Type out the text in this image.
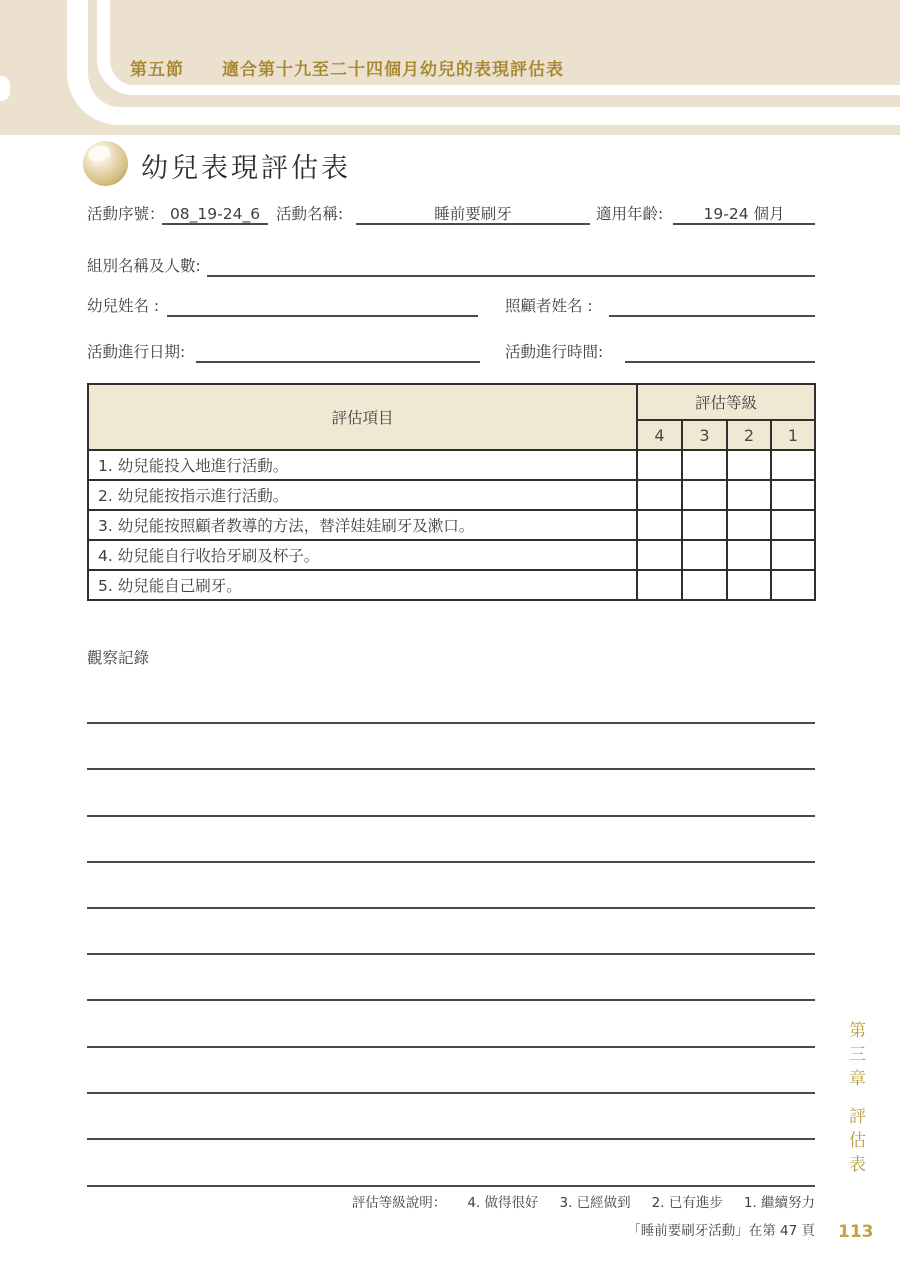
第五節 適合第十九至二十四個月幼兒的表現評估表
幼兒表現評估表
活動序號： 08_19-24_6	活動名稱:	睡前要刷牙	適用年齡:	19-24 個月
組別名稱及人數:
幼兒姓名 :	照顧者姓名 :
活動進行日期:	活動進行時間:
評估項目	評估等級			
	4	3	2	1
1. 幼兒能投入地進行活動。				
2. 幼兒能按指示進行活動。				
3. 幼兒能按照顧者教導的方法，替洋娃娃刷牙及漱口。				
4. 幼兒能自行收拾牙刷及杯子。				
5. 幼兒能自己刷牙。				
觀察記錄
第三章評估表
評估等級說明： 4. 做得很好 3. 已經做到 2. 已有進步 1. 繼續努力
「睡前要刷牙活動」在第 47 頁 113
